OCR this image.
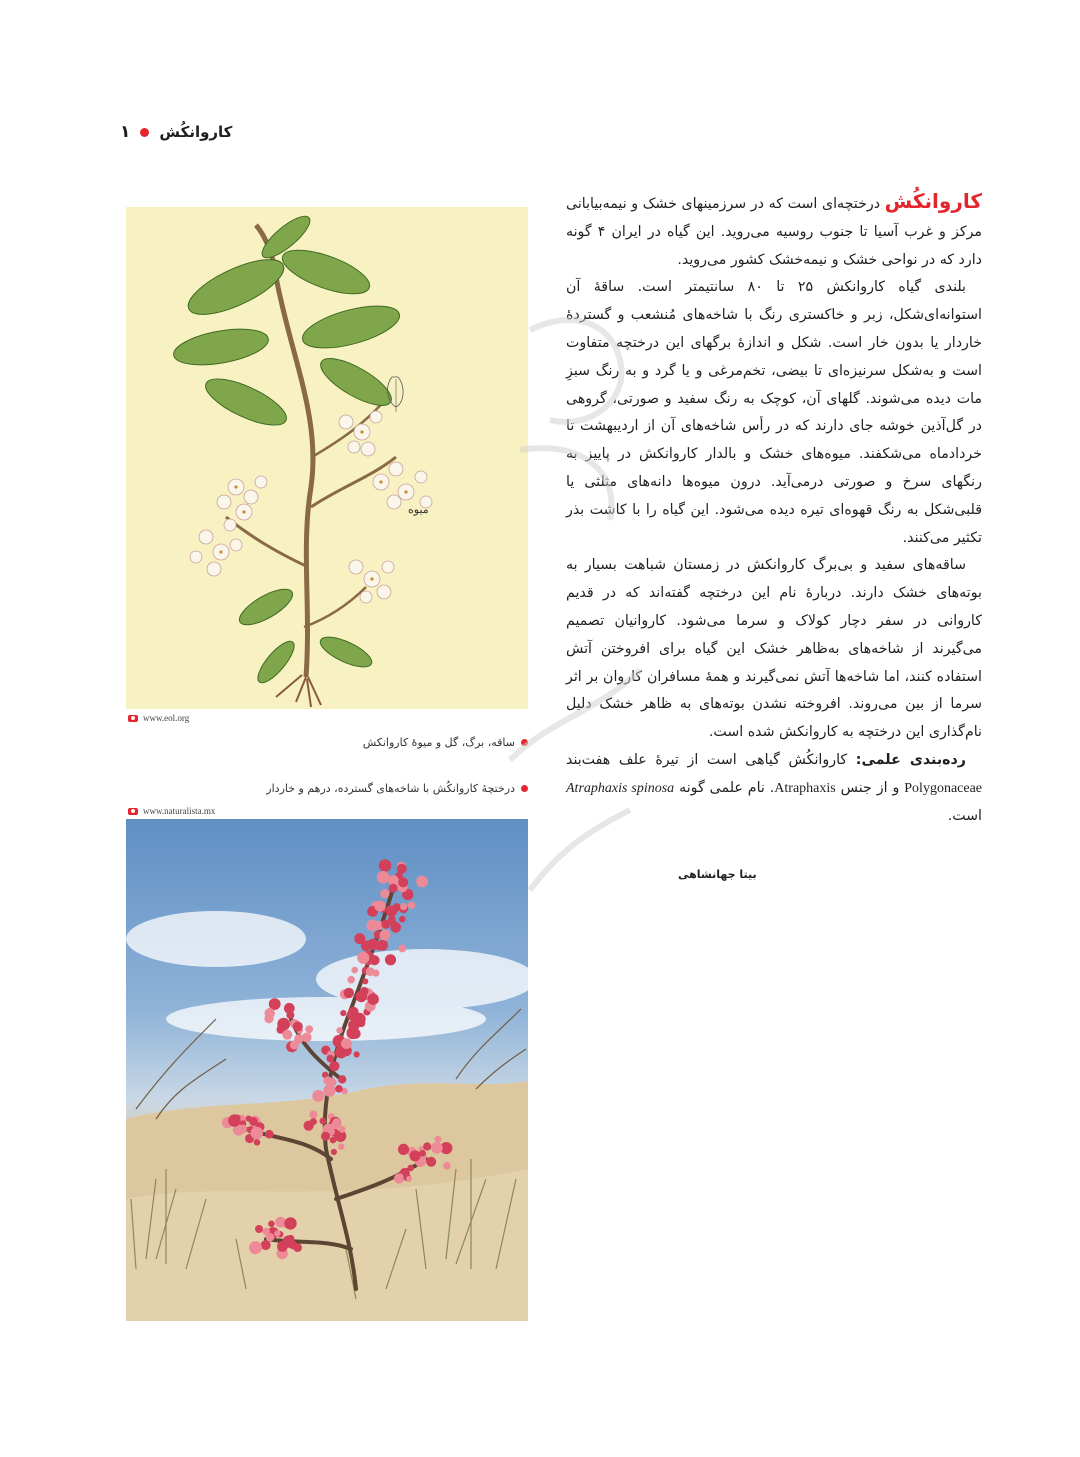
۱ کاروانکُش
میوه
www.eol.org
ساقه، برگ، گل و میوهٔ کاروانکش
درختچهٔ کاروانکُش با شاخه‌های گسترده، درهم و خاردار
www.naturalista.mx

کاروانکُش درختچه‌ای است که در سرزمینهای خشک و نیمه‌بیابانی مرکز و غرب آسیا تا جنوب روسیه می‌روید. این گیاه در ایران ۴ گونه دارد که در نواحی خشک و نیمه‌خشک کشور می‌روید.

بلندی گیاه کاروانکش ۲۵ تا ۸۰ سانتیمتر است. ساقهٔ آن استوانه‌ای‌شکل، زبر و خاکستری رنگ با شاخه‌های مُنشعب و گستردهٔ خاردار یا بدون خار است. شکل و اندازهٔ برگهای این درختچه متفاوت است و به‌شکل سرنیزه‌ای تا بیضی، تخم‌مرغی و یا گرد و به رنگ سبزِ مات دیده می‌شوند. گلهای آن، کوچک به رنگ سفید و صورتی، گروهی در گل‌آذین خوشه جای دارند که در رأس شاخه‌های آن از اردیبهشت تا خردادماه می‌شکفند. میوه‌های خشک و بالدار کاروانکش در پاییز به رنگهای سرخ و صورتی درمی‌آید. درون میوه‌ها دانه‌های مثلثی یا قلبی‌شکل به رنگ قهوه‌ای تیره دیده می‌شود. این گیاه را با کاشت بذر تکثیر می‌کنند.

ساقه‌های سفید و بی‌برگ کاروانکش در زمستان شباهت بسیار به بوته‌های خشک دارند. دربارهٔ نام این درختچه گفته‌اند که در قدیم کاروانی در سفر دچار کولاک و سرما می‌شود. کاروانیان تصمیم می‌گیرند از شاخه‌های به‌ظاهر خشک این گیاه برای افروختن آتش استفاده کنند، اما شاخه‌ها آتش نمی‌گیرند و همهٔ مسافران کاروان بر اثر سرما از بین می‌روند. افروخته نشدن بوته‌های به ظاهر خشک دلیل نام‌گذاری این درختچه به کاروانکش شده است.

رده‌بندی علمی: کاروانکُش گیاهی است از تیرهٔ علف هفت‌بند Polygonaceae و از جنس Atraphaxis. نام علمی گونه Atraphaxis spinosa است.

بیتا جهانشاهی
